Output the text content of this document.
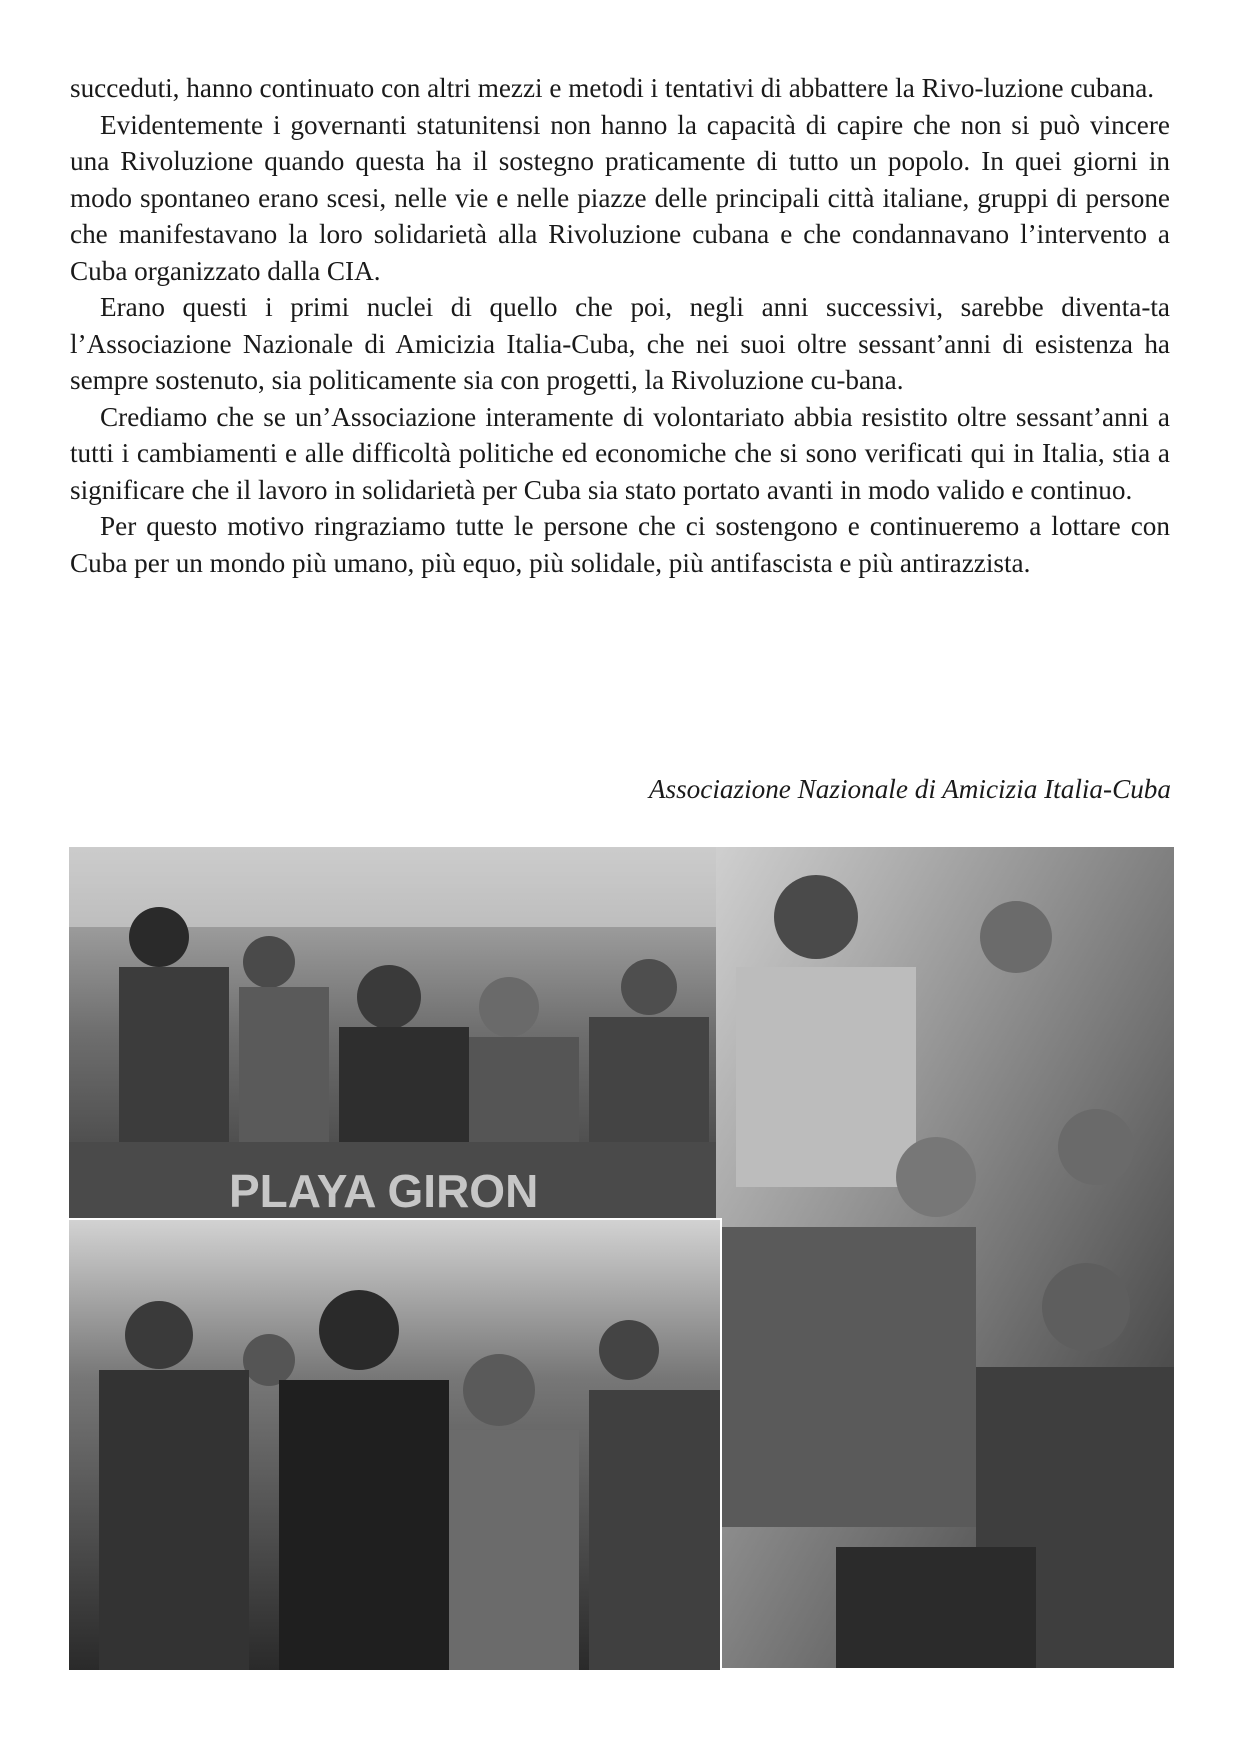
succeduti, hanno continuato con altri mezzi e metodi i tentativi di abbattere la Rivo-luzione cubana.

Evidentemente i governanti statunitensi non hanno la capacità di capire che non si può vincere una Rivoluzione quando questa ha il sostegno praticamente di tutto un popolo. In quei giorni in modo spontaneo erano scesi, nelle vie e nelle piazze delle principali città italiane, gruppi di persone che manifestavano la loro solidarietà alla Rivoluzione cubana e che condannavano l’intervento a Cuba organizzato dalla CIA.

Erano questi i primi nuclei di quello che poi, negli anni successivi, sarebbe diventa-ta l’Associazione Nazionale di Amicizia Italia-Cuba, che nei suoi oltre sessant’anni di esistenza ha sempre sostenuto, sia politicamente sia con progetti, la Rivoluzione cu-bana.

Crediamo che se un’Associazione interamente di volontariato abbia resistito oltre sessant’anni a tutti i cambiamenti e alle difficoltà politiche ed economiche che si sono verificati qui in Italia, stia a significare che il lavoro in solidarietà per Cuba sia stato portato avanti in modo valido e continuo.

Per questo motivo ringraziamo tutte le persone che ci sostengono e continueremo a lottare con Cuba per un mondo più umano, più equo, più solidale, più antifascista e più antirazzista.

Associazione Nazionale di Amicizia Italia-Cuba
PLAYA GIRON
